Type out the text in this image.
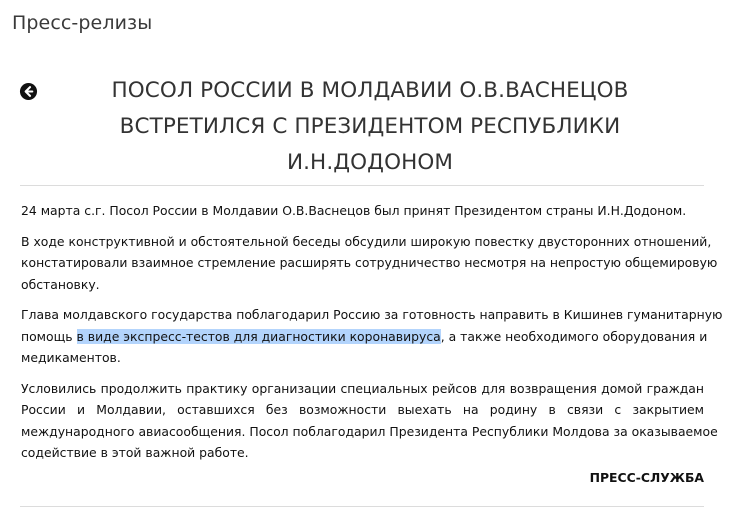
Пресс-релизы
ПОСОЛ РОССИИ В МОЛДАВИИ О.В.ВАСНЕЦОВ
ВСТРЕТИЛСЯ С ПРЕЗИДЕНТОМ РЕСПУБЛИКИ
И.Н.ДОДОНОМ

24 марта с.г. Посол России в Молдавии О.В.Васнецов был принят Президентом страны И.Н.Додоном.

В ходе конструктивной и обстоятельной беседы обсудили широкую повестку двусторонних отношений,
констатировали взаимное стремление расширять сотрудничество несмотря на непростую общемировую
обстановку.

Глава молдавского государства поблагодарил Россию за готовность направить в Кишинев гуманитарную
помощь в виде экспресс-тестов для диагностики коронавируса, а также необходимого оборудования и
медикаментов.

Условились продолжить практику организации специальных рейсов для возвращения домой граждан
России и Молдавии, оставшихся без возможности выехать на родину в связи с закрытием
международного авиасообщения. Посол поблагодарил Президента Республики Молдова за оказываемое
содействие в этой важной работе.

ПРЕСС-СЛУЖБА
